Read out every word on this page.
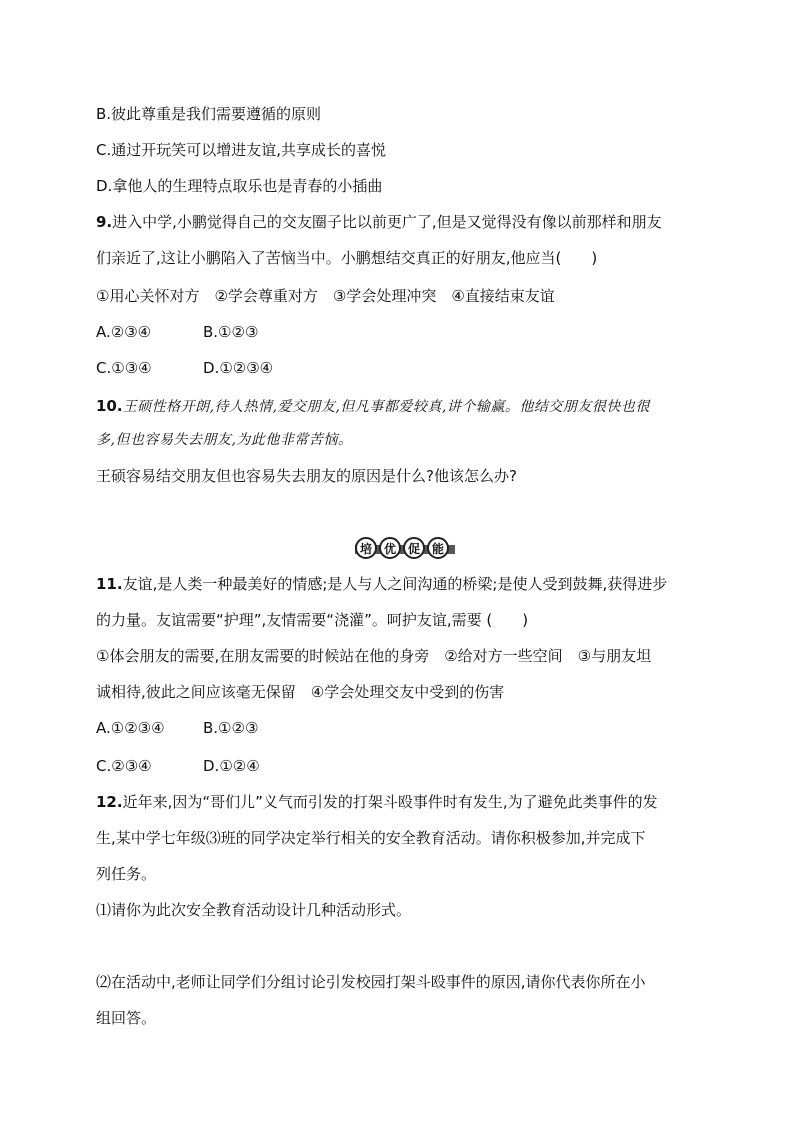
B.彼此尊重是我们需要遵循的原则
C.通过开玩笑可以增进友谊,共享成长的喜悦
D.拿他人的生理特点取乐也是青春的小插曲
9.进入中学,小鹏觉得自己的交友圈子比以前更广了,但是又觉得没有像以前那样和朋友
们亲近了,这让小鹏陷入了苦恼当中。小鹏想结交真正的好朋友,他应当(　　)
①用心关怀对方　②学会尊重对方　③学会处理冲突　④直接结束友谊
A.②③④	B.①②③
C.①③④	D.①②③④
10.王硕性格开朗,待人热情,爱交朋友,但凡事都爱较真,讲个输赢。他结交朋友很快也很
多,但也容易失去朋友,为此他非常苦恼。
王硕容易结交朋友但也容易失去朋友的原因是什么?他该怎么办?
培 优 促 能
11.友谊,是人类一种最美好的情感;是人与人之间沟通的桥梁;是使人受到鼓舞,获得进步
的力量。友谊需要“护理”,友情需要“浇灌”。呵护友谊,需要 (　　)
①体会朋友的需要,在朋友需要的时候站在他的身旁　②给对方一些空间　③与朋友坦
诚相待,彼此之间应该毫无保留　④学会处理交友中受到的伤害
A.①②③④	B.①②③
C.②③④	D.①②④
12.近年来,因为“哥们儿”义气而引发的打架斗殴事件时有发生,为了避免此类事件的发
生,某中学七年级⑶班的同学决定举行相关的安全教育活动。请你积极参加,并完成下
列任务。
⑴请你为此次安全教育活动设计几种活动形式。
⑵在活动中,老师让同学们分组讨论引发校园打架斗殴事件的原因,请你代表你所在小
组回答。
